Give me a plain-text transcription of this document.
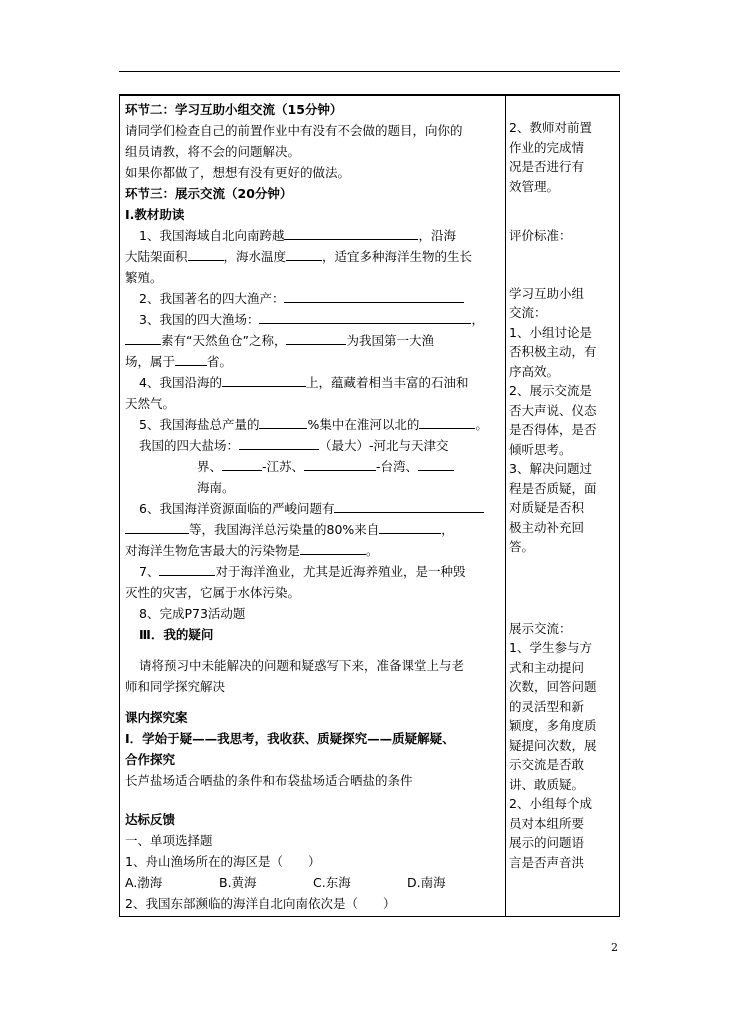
环节二：学习互助小组交流（15分钟）
请同学们检查自己的前置作业中有没有不会做的题目，向你的
组员请教，将不会的问题解决。
如果你都做了，想想有没有更好的做法。
环节三：展示交流（20分钟）
Ⅰ.教材助读
1、我国海域自北向南跨越	，沿海
大陆架面积	，海水温度	，适宜多种海洋生物的生长
繁殖。
2、我国著名的四大渔产：
3、我国的四大渔场：	，
素有“天然鱼仓”之称，	为我国第一大渔
场，属于	省。
4、我国沿海的	上，蕴藏着相当丰富的石油和
天然气。
5、我国海盐总产量的	%集中在淮河以北的	。
我国的四大盐场：	（最大）-河北与天津交
界、	-江苏、	-台湾、
海南。
6、我国海洋资源面临的严峻问题有
等，我国海洋总污染量的80%来自	，
对海洋生物危害最大的污染物是	。
7、	对于海洋渔业，尤其是近海养殖业，是一种毁
灭性的灾害，它属于水体污染。
8、完成P73活动题
Ⅲ．我的疑问
请将预习中未能解决的问题和疑惑写下来，准备课堂上与老
师和同学探究解决
课内探究案
Ⅰ．学始于疑——我思考，我收获、质疑探究——质疑解疑、
合作探究
长芦盐场适合晒盐的条件和布袋盐场适合晒盐的条件
达标反馈
一、单项选择题
1、舟山渔场所在的海区是（　　）
A.渤海	B.黄海	C.东海	D.南海
2、我国东部濒临的海洋自北向南依次是（　　）
2、教师对前置
作业的完成情
况是否进行有
效管理。
评价标准：
学习互助小组
交流：
1、小组讨论是
否积极主动，有
序高效。
2、展示交流是
否大声说、仪态
是否得体，是否
倾听思考。
3、解决问题过
程是否质疑，面
对质疑是否积
极主动补充回
答。
展示交流：
1、学生参与方
式和主动提问
次数，回答问题
的灵活型和新
颖度，多角度质
疑提问次数，展
示交流是否敢
讲、敢质疑。
2、小组每个成
员对本组所要
展示的问题语
言是否声音洪
2
